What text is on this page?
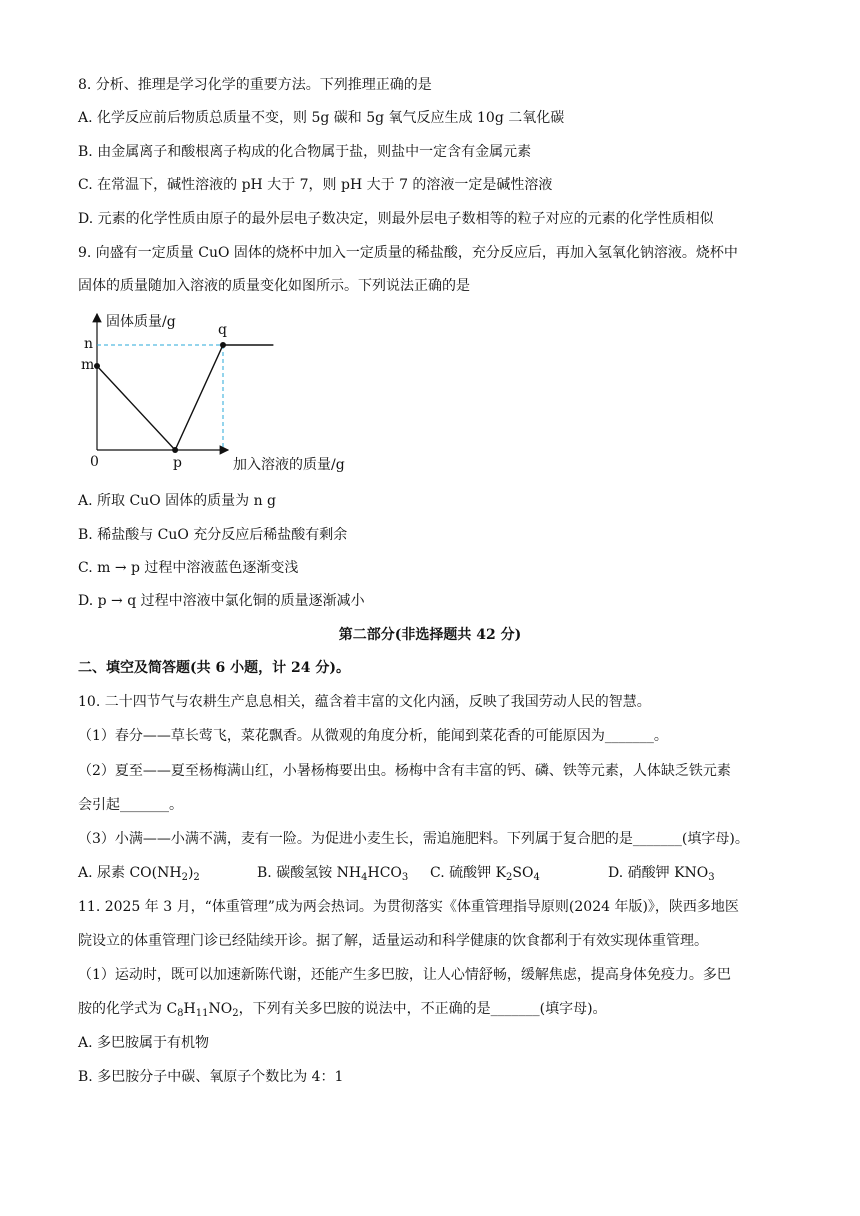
8. 分析、推理是学习化学的重要方法。下列推理正确的是
A. 化学反应前后物质总质量不变，则 5g 碳和 5g 氧气反应生成 10g 二氧化碳
B. 由金属离子和酸根离子构成的化合物属于盐，则盐中一定含有金属元素
C. 在常温下，碱性溶液的 pH 大于 7，则 pH 大于 7 的溶液一定是碱性溶液
D. 元素的化学性质由原子的最外层电子数决定，则最外层电子数相等的粒子对应的元素的化学性质相似
9. 向盛有一定质量 CuO 固体的烧杯中加入一定质量的稀盐酸，充分反应后，再加入氢氧化钠溶液。烧杯中
固体的质量随加入溶液的质量变化如图所示。下列说法正确的是
固体质量/g
加入溶液的质量/g
0
n
m
p
q
A. 所取 CuO 固体的质量为 n g
B. 稀盐酸与 CuO 充分反应后稀盐酸有剩余
C. m → p 过程中溶液蓝色逐渐变浅
D. p → q 过程中溶液中氯化铜的质量逐渐减小
第二部分(非选择题共 42 分)
二、填空及简答题(共 6 小题，计 24 分)。
10. 二十四节气与农耕生产息息相关，蕴含着丰富的文化内涵，反映了我国劳动人民的智慧。
（1）春分——草长莺飞，菜花飘香。从微观的角度分析，能闻到菜花香的可能原因为_______。
（2）夏至——夏至杨梅满山红，小暑杨梅要出虫。杨梅中含有丰富的钙、磷、铁等元素，人体缺乏铁元素
会引起_______。
（3）小满——小满不满，麦有一险。为促进小麦生长，需追施肥料。下列属于复合肥的是_______(填字母)。
A. 尿素 $CO(NH_2)_2$	B. 碳酸氢铵 $NH_4HCO_3$ C. 硫酸钾 $K_2SO_4$	D. 硝酸钾 $KNO_3$
11. 2025 年 3 月，“体重管理”成为两会热词。为贯彻落实《体重管理指导原则(2024 年版)》，陕西多地医
院设立的体重管理门诊已经陆续开诊。据了解，适量运动和科学健康的饮食都利于有效实现体重管理。
（1）运动时，既可以加速新陈代谢，还能产生多巴胺，让人心情舒畅，缓解焦虑，提高身体免疫力。多巴
胺的化学式为 $C_8H_{11}NO_2$，下列有关多巴胺的说法中，不正确的是_______(填字母)。
A. 多巴胺属于有机物
B. 多巴胺分子中碳、氧原子个数比为 4：1
